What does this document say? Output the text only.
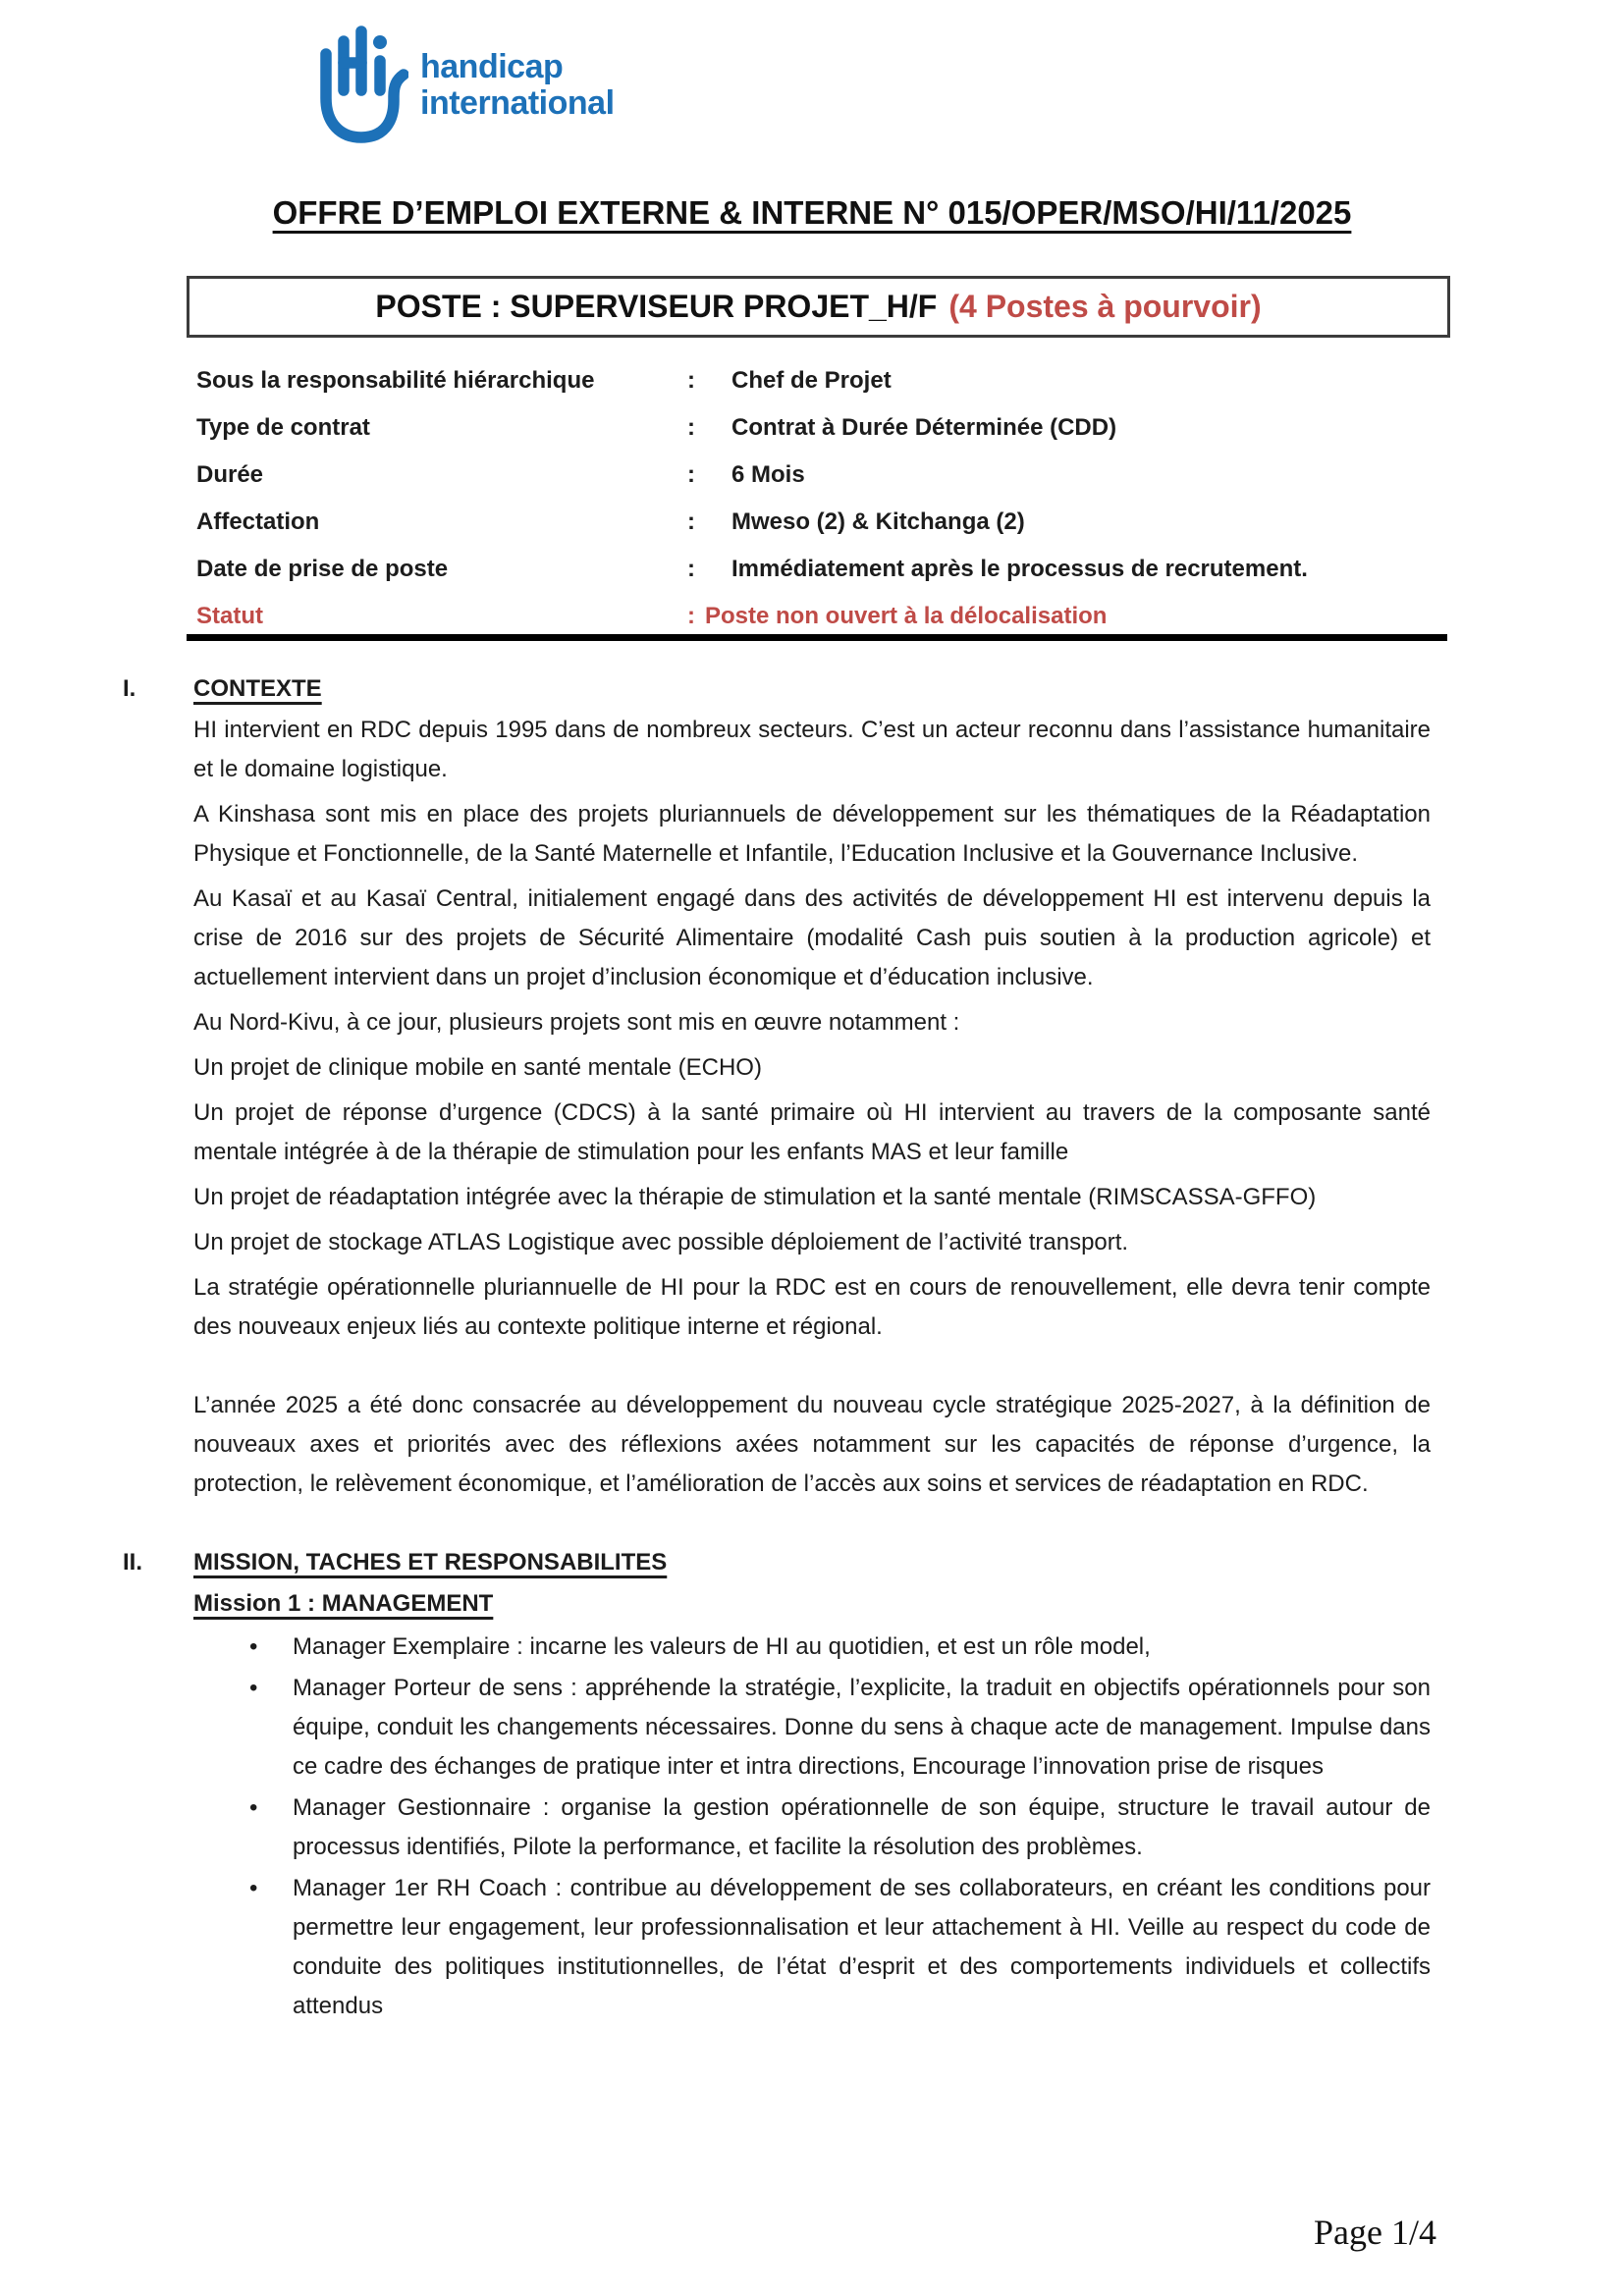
handicap
international
OFFRE D’EMPLOI EXTERNE & INTERNE N° 015/OPER/MSO/HI/11/2025
POSTE : SUPERVISEUR PROJET_H/F (4 Postes à pourvoir)
Sous la responsabilité hiérarchique	:	Chef de Projet
Type de contrat	:	Contrat à Durée Déterminée (CDD)
Durée	:	6 Mois
Affectation	:	Mweso (2) & Kitchanga (2)
Date de prise de poste	:	Immédiatement après le processus de recrutement.
Statut	: Poste non ouvert à la délocalisation
I. CONTEXTE

HI intervient en RDC depuis 1995 dans de nombreux secteurs. C’est un acteur reconnu dans l’assistance humanitaire et le domaine logistique.

A Kinshasa sont mis en place des projets pluriannuels de développement sur les thématiques de la Réadaptation Physique et Fonctionnelle, de la Santé Maternelle et Infantile, l’Education Inclusive et la Gouvernance Inclusive.

Au Kasaï et au Kasaï Central, initialement engagé dans des activités de développement HI est intervenu depuis la crise de 2016 sur des projets de Sécurité Alimentaire (modalité Cash puis soutien à la production agricole) et actuellement intervient dans un projet d’inclusion économique et d’éducation inclusive.

Au Nord-Kivu, à ce jour, plusieurs projets sont mis en œuvre notamment :

Un projet de clinique mobile en santé mentale (ECHO)

Un projet de réponse d’urgence (CDCS) à la santé primaire où HI intervient au travers de la composante santé mentale intégrée à de la thérapie de stimulation pour les enfants MAS et leur famille

Un projet de réadaptation intégrée avec la thérapie de stimulation et la santé mentale (RIMSCASSA-GFFO)

Un projet de stockage ATLAS Logistique avec possible déploiement de l’activité transport.

La stratégie opérationnelle pluriannuelle de HI pour la RDC est en cours de renouvellement, elle devra tenir compte des nouveaux enjeux liés au contexte politique interne et régional.

L’année 2025 a été donc consacrée au développement du nouveau cycle stratégique 2025-2027, à la définition de nouveaux axes et priorités avec des réflexions axées notamment sur les capacités de réponse d’urgence, la protection, le relèvement économique, et l’amélioration de l’accès aux soins et services de réadaptation en RDC.

II. MISSION, TACHES ET RESPONSABILITES
Mission 1 : MANAGEMENT
• Manager Exemplaire : incarne les valeurs de HI au quotidien, et est un rôle model,
• Manager Porteur de sens : appréhende la stratégie, l’explicite, la traduit en objectifs opérationnels pour son équipe, conduit les changements nécessaires. Donne du sens à chaque acte de management. Impulse dans ce cadre des échanges de pratique inter et intra directions, Encourage l’innovation prise de risques
• Manager Gestionnaire : organise la gestion opérationnelle de son équipe, structure le travail autour de processus identifiés, Pilote la performance, et facilite la résolution des problèmes.
• Manager 1er RH Coach : contribue au développement de ses collaborateurs, en créant les conditions pour permettre leur engagement, leur professionnalisation et leur attachement à HI. Veille au respect du code de conduite des politiques institutionnelles, de l’état d’esprit et des comportements individuels et collectifs attendus
Page 1/4
